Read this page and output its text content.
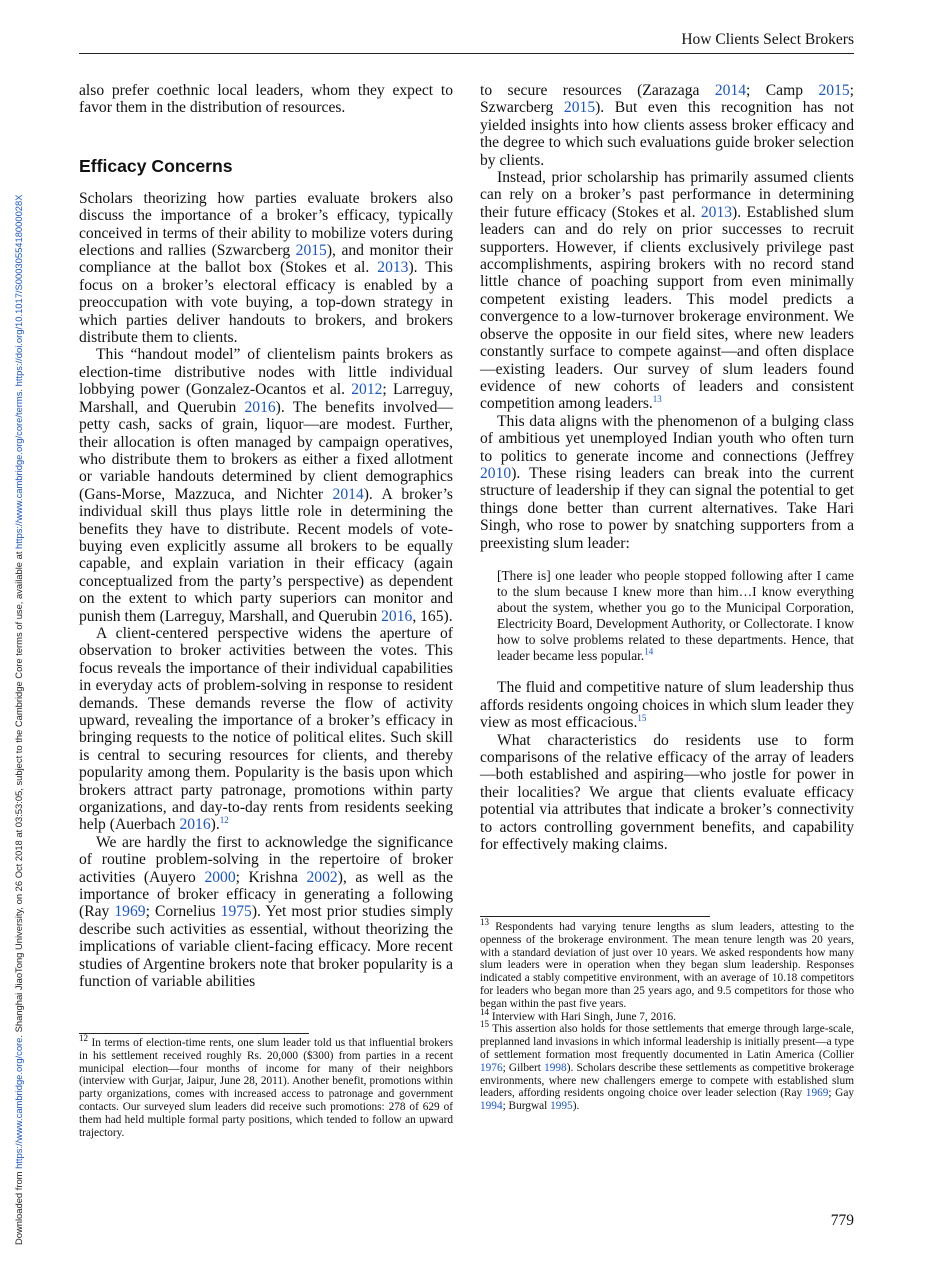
Downloaded from https://www.cambridge.org/core. Shanghai JiaoTong University, on 26 Oct 2018 at 03:53:05, subject to the Cambridge Core terms of use, available at https://www.cambridge.org/core/terms. https://doi.org/10.1017/S0003055418000028X
How Clients Select Brokers

also prefer coethnic local leaders, whom they expect to favor them in the distribution of resources.

Efficacy Concerns

Scholars theorizing how parties evaluate brokers also discuss the importance of a broker’s efficacy, typically conceived in terms of their ability to mobilize voters during elections and rallies (Szwarcberg 2015), and monitor their compliance at the ballot box (Stokes et al. 2013). This focus on a broker’s electoral efficacy is enabled by a preoccupation with vote buying, a top-down strategy in which parties deliver handouts to brokers, and brokers distribute them to clients.

This “handout model” of clientelism paints brokers as election-time distributive nodes with little individual lobbying power (Gonzalez-Ocantos et al. 2012; Larreguy, Marshall, and Querubin 2016). The benefits involved—petty cash, sacks of grain, liquor—are modest. Further, their allocation is often managed by campaign operatives, who distribute them to brokers as either a fixed allotment or variable handouts determined by client demographics (Gans-Morse, Mazzuca, and Nichter 2014). A broker’s individual skill thus plays little role in determining the benefits they have to distribute. Recent models of vote-buying even explicitly assume all brokers to be equally capable, and explain variation in their efficacy (again conceptualized from the party’s perspective) as dependent on the extent to which party superiors can monitor and punish them (Larreguy, Marshall, and Querubin 2016, 165).

A client-centered perspective widens the aperture of observation to broker activities between the votes. This focus reveals the importance of their individual capabilities in everyday acts of problem-solving in response to resident demands. These demands reverse the flow of activity upward, revealing the importance of a broker’s efficacy in bringing requests to the notice of political elites. Such skill is central to securing resources for clients, and thereby popularity among them. Popularity is the basis upon which brokers attract party patronage, promotions within party organizations, and day-to-day rents from residents seeking help (Auerbach 2016).$^{12}$

We are hardly the first to acknowledge the significance of routine problem-solving in the repertoire of broker activities (Auyero 2000; Krishna 2002), as well as the importance of broker efficacy in generating a following (Ray 1969; Cornelius 1975). Yet most prior studies simply describe such activities as essential, without theorizing the implications of variable client-facing efficacy. More recent studies of Argentine brokers note that broker popularity is a function of variable abilities

to secure resources (Zarazaga 2014; Camp 2015; Szwarcberg 2015). But even this recognition has not yielded insights into how clients assess broker efficacy and the degree to which such evaluations guide broker selection by clients.

Instead, prior scholarship has primarily assumed clients can rely on a broker’s past performance in determining their future efficacy (Stokes et al. 2013). Established slum leaders can and do rely on prior successes to recruit supporters. However, if clients exclusively privilege past accomplishments, aspiring brokers with no record stand little chance of poaching support from even minimally competent existing leaders. This model predicts a convergence to a low-turnover brokerage environment. We observe the opposite in our field sites, where new leaders constantly surface to compete against—and often displace—existing leaders. Our survey of slum leaders found evidence of new cohorts of leaders and consistent competition among leaders.$^{13}$

This data aligns with the phenomenon of a bulging class of ambitious yet unemployed Indian youth who often turn to politics to generate income and connections (Jeffrey 2010). These rising leaders can break into the current structure of leadership if they can signal the potential to get things done better than current alternatives. Take Hari Singh, who rose to power by snatching supporters from a preexisting slum leader:

[There is] one leader who people stopped following after I came to the slum because I knew more than him…I know everything about the system, whether you go to the Municipal Corporation, Electricity Board, Development Authority, or Collectorate. I know how to solve problems related to these departments. Hence, that leader became less popular.$^{14}$

The fluid and competitive nature of slum leadership thus affords residents ongoing choices in which slum leader they view as most efficacious.$^{15}$

What characteristics do residents use to form comparisons of the relative efficacy of the array of leaders—both established and aspiring—who jostle for power in their localities? We argue that clients evaluate efficacy potential via attributes that indicate a broker’s connectivity to actors controlling government benefits, and capability for effectively making claims.

$^{12}$ In terms of election-time rents, one slum leader told us that influential brokers in his settlement received roughly Rs. 20,000 ($300) from parties in a recent municipal election—four months of income for many of their neighbors (interview with Gurjar, Jaipur, June 28, 2011). Another benefit, promotions within party organizations, comes with increased access to patronage and government contacts. Our surveyed slum leaders did receive such promotions: 278 of 629 of them had held multiple formal party positions, which tended to follow an upward trajectory.

$^{13}$ Respondents had varying tenure lengths as slum leaders, attesting to the openness of the brokerage environment. The mean tenure length was 20 years, with a standard deviation of just over 10 years. We asked respondents how many slum leaders were in operation when they began slum leadership. Responses indicated a stably competitive environment, with an average of 10.18 competitors for leaders who began more than 25 years ago, and 9.5 competitors for those who began within the past five years.

$^{14}$ Interview with Hari Singh, June 7, 2016.

$^{15}$ This assertion also holds for those settlements that emerge through large-scale, preplanned land invasions in which informal leadership is initially present—a type of settlement formation most frequently documented in Latin America (Collier 1976; Gilbert 1998). Scholars describe these settlements as competitive brokerage environments, where new challengers emerge to compete with established slum leaders, affording residents ongoing choice over leader selection (Ray 1969; Gay 1994; Burgwal 1995).

779
